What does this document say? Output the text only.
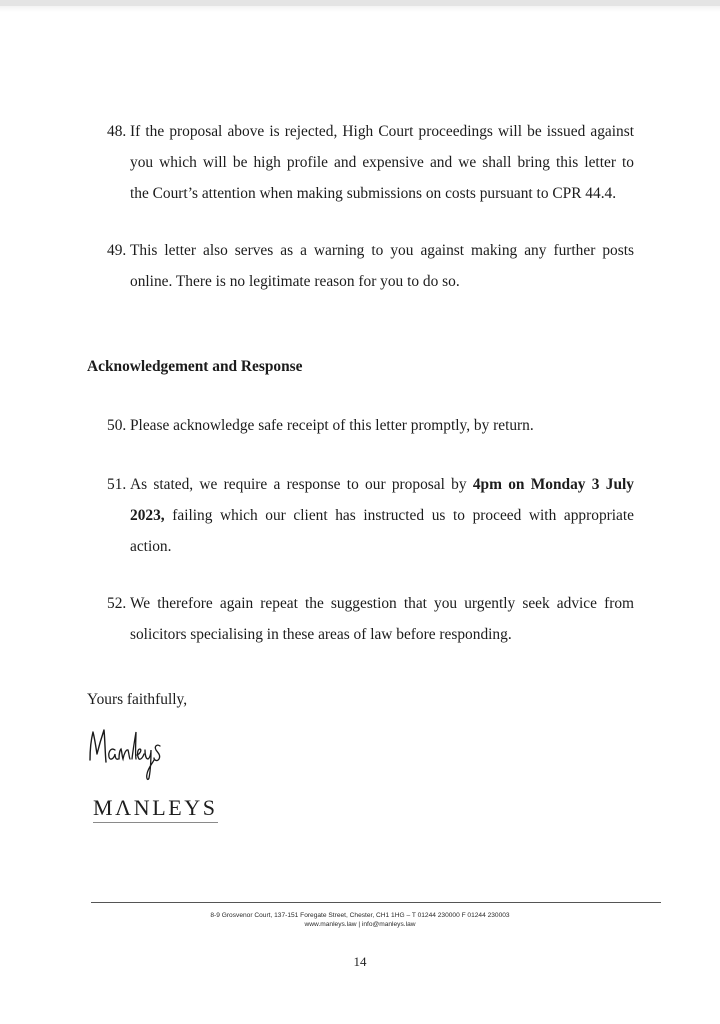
48. If the proposal above is rejected, High Court proceedings will be issued against
you which will be high profile and expensive and we shall bring this letter to
the Court’s attention when making submissions on costs pursuant to CPR 44.4.
49. This letter also serves as a warning to you against making any further posts
online. There is no legitimate reason for you to do so.
Acknowledgement and Response
50. Please acknowledge safe receipt of this letter promptly, by return.
51. As stated, we require a response to our proposal by 4pm on Monday 3 July
2023, failing which our client has instructed us to proceed with appropriate
action.
52. We therefore again repeat the suggestion that you urgently seek advice from
solicitors specialising in these areas of law before responding.
Yours faithfully,
MΛNLEYS
8-9 Grosvenor Court, 137-151 Foregate Street, Chester, CH1 1HG – T 01244 230000 F 01244 230003
www.manleys.law | info@manleys.law
14
